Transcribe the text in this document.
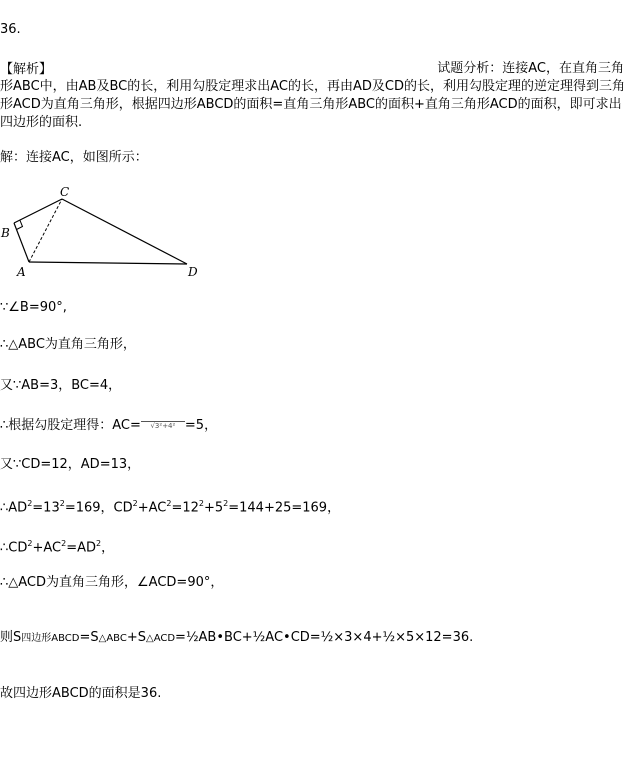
36.
【解析】	试题分析：连接AC，在直角三角
形ABC中，由AB及BC的长，利用勾股定理求出AC的长，再由AD及CD的长，利用勾股定理的逆定理得到三角形ACD为直角三角形，根据四边形ABCD的面积=直角三角形ABC的面积+直角三角形ACD的面积，即可求出四边形的面积.
解：连接AC，如图所示：
A
B
C
D
∵∠B=90°,
∴△ABC为直角三角形，
又∵AB=3，BC=4，
∴根据勾股定理得：AC= √3²+4² =5，
又∵CD=12，AD=13，
$\therefore AD^2=13^2=169$，$CD^2+AC^2=12^2+5^2=144+25=169$，
$\therefore CD^2+AC^2=AD^2$，
∴△ACD为直角三角形，∠ACD=90°，
则S四边形ABCD=S△ABC+S△ACD=½AB•BC+½AC•CD=½×3×4+½×5×12=36.
故四边形ABCD的面积是36.
